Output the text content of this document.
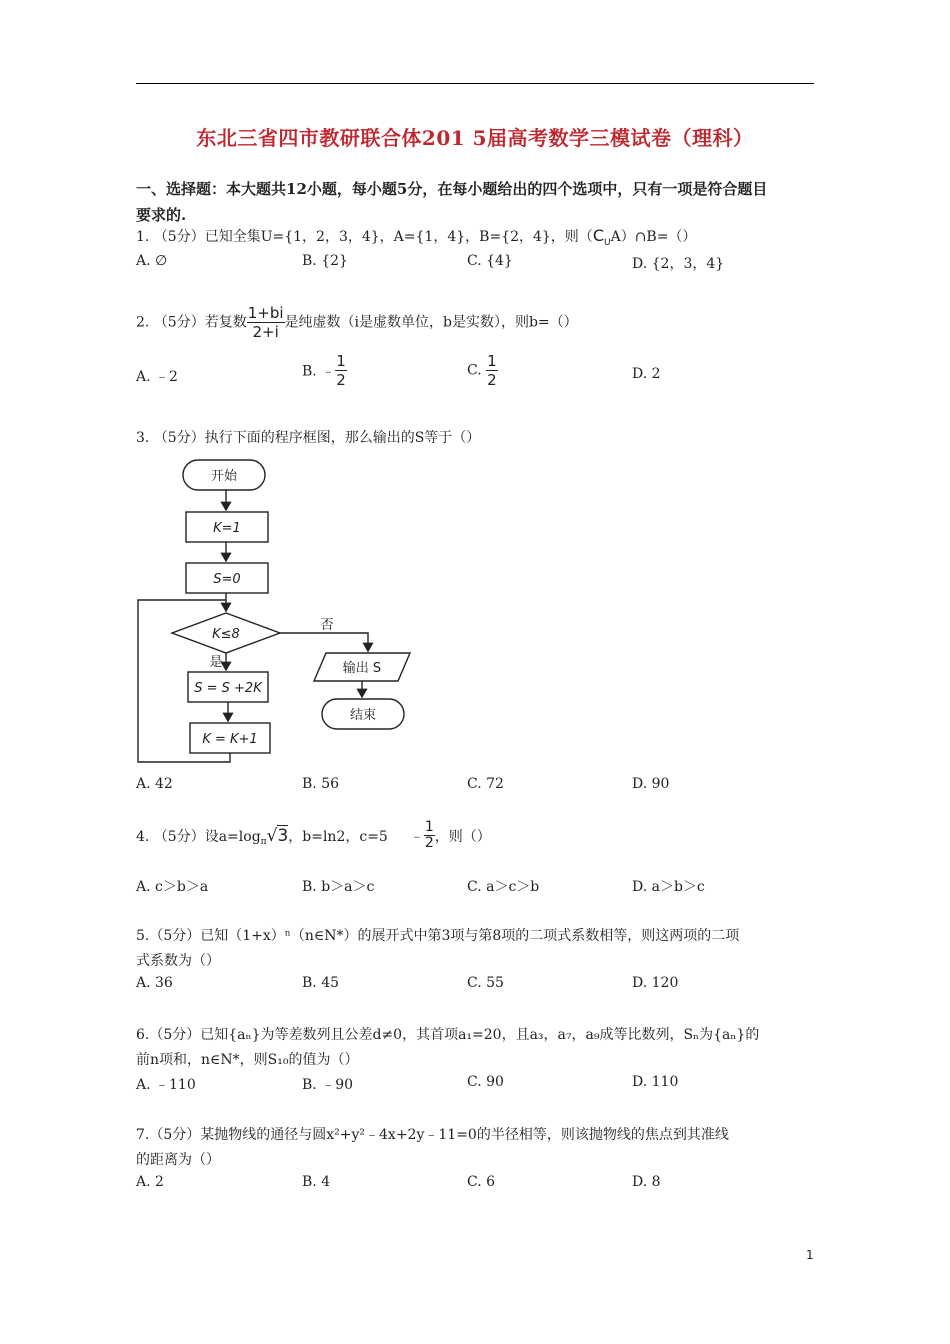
东北三省四市教研联合体201 5届高考数学三模试卷（理科）
一、选择题：本大题共12小题，每小题5分，在每小题给出的四个选项中，只有一项是符合题目
要求的.
1. （5分）已知全集U={1，2，3，4}，A={1，4}，B={2，4}，则$(C_UA)\cap B=()$
A. ∅	B. {2}	C. {4}	D. {2，3，4}
2. （5分）若复数 $\frac{1+bi}{2+i}$ 是纯虚数（i是虚数单位，b是实数），则b=（）
A. ﹣2	B. ﹣ $\frac{1}{2}$	C. $\frac{1}{2}$	D. 2
3. （5分）执行下面的程序框图，那么输出的S等于（）
开始
K=1
S=0
K≤8
否
是
S = S +2K
K = K+1
输出 S
结束
A. 42	B. 56	C. 72	D. 90
4. （5分）设$a=\log_\pi√3$，b=ln2，c=5 ﹣ $\frac{1}{2}$ ，则（）
A. c＞b＞a	B. b＞a＞c	C. a＞c＞b	D. a＞b＞c
5.（5分）已知（1+x）ⁿ（n∈N*）的展开式中第3项与第8项的二项式系数相等，则这两项的二项
式系数为（）
A. 36	B. 45	C. 55	D. 120
6.（5分）已知{aₙ}为等差数列且公差d≠0，其首项a₁=20，且a₃，a₇，a₉成等比数列，Sₙ为{aₙ}的
前n项和，n∈N*，则S₁₀的值为（）
A. ﹣110	B. ﹣90	C. 90	D. 110
7.（5分）某抛物线的通径与圆x²+y²﹣4x+2y﹣11=0的半径相等，则该抛物线的焦点到其准线
的距离为（）
A. 2	B. 4	C. 6	D. 8
1
